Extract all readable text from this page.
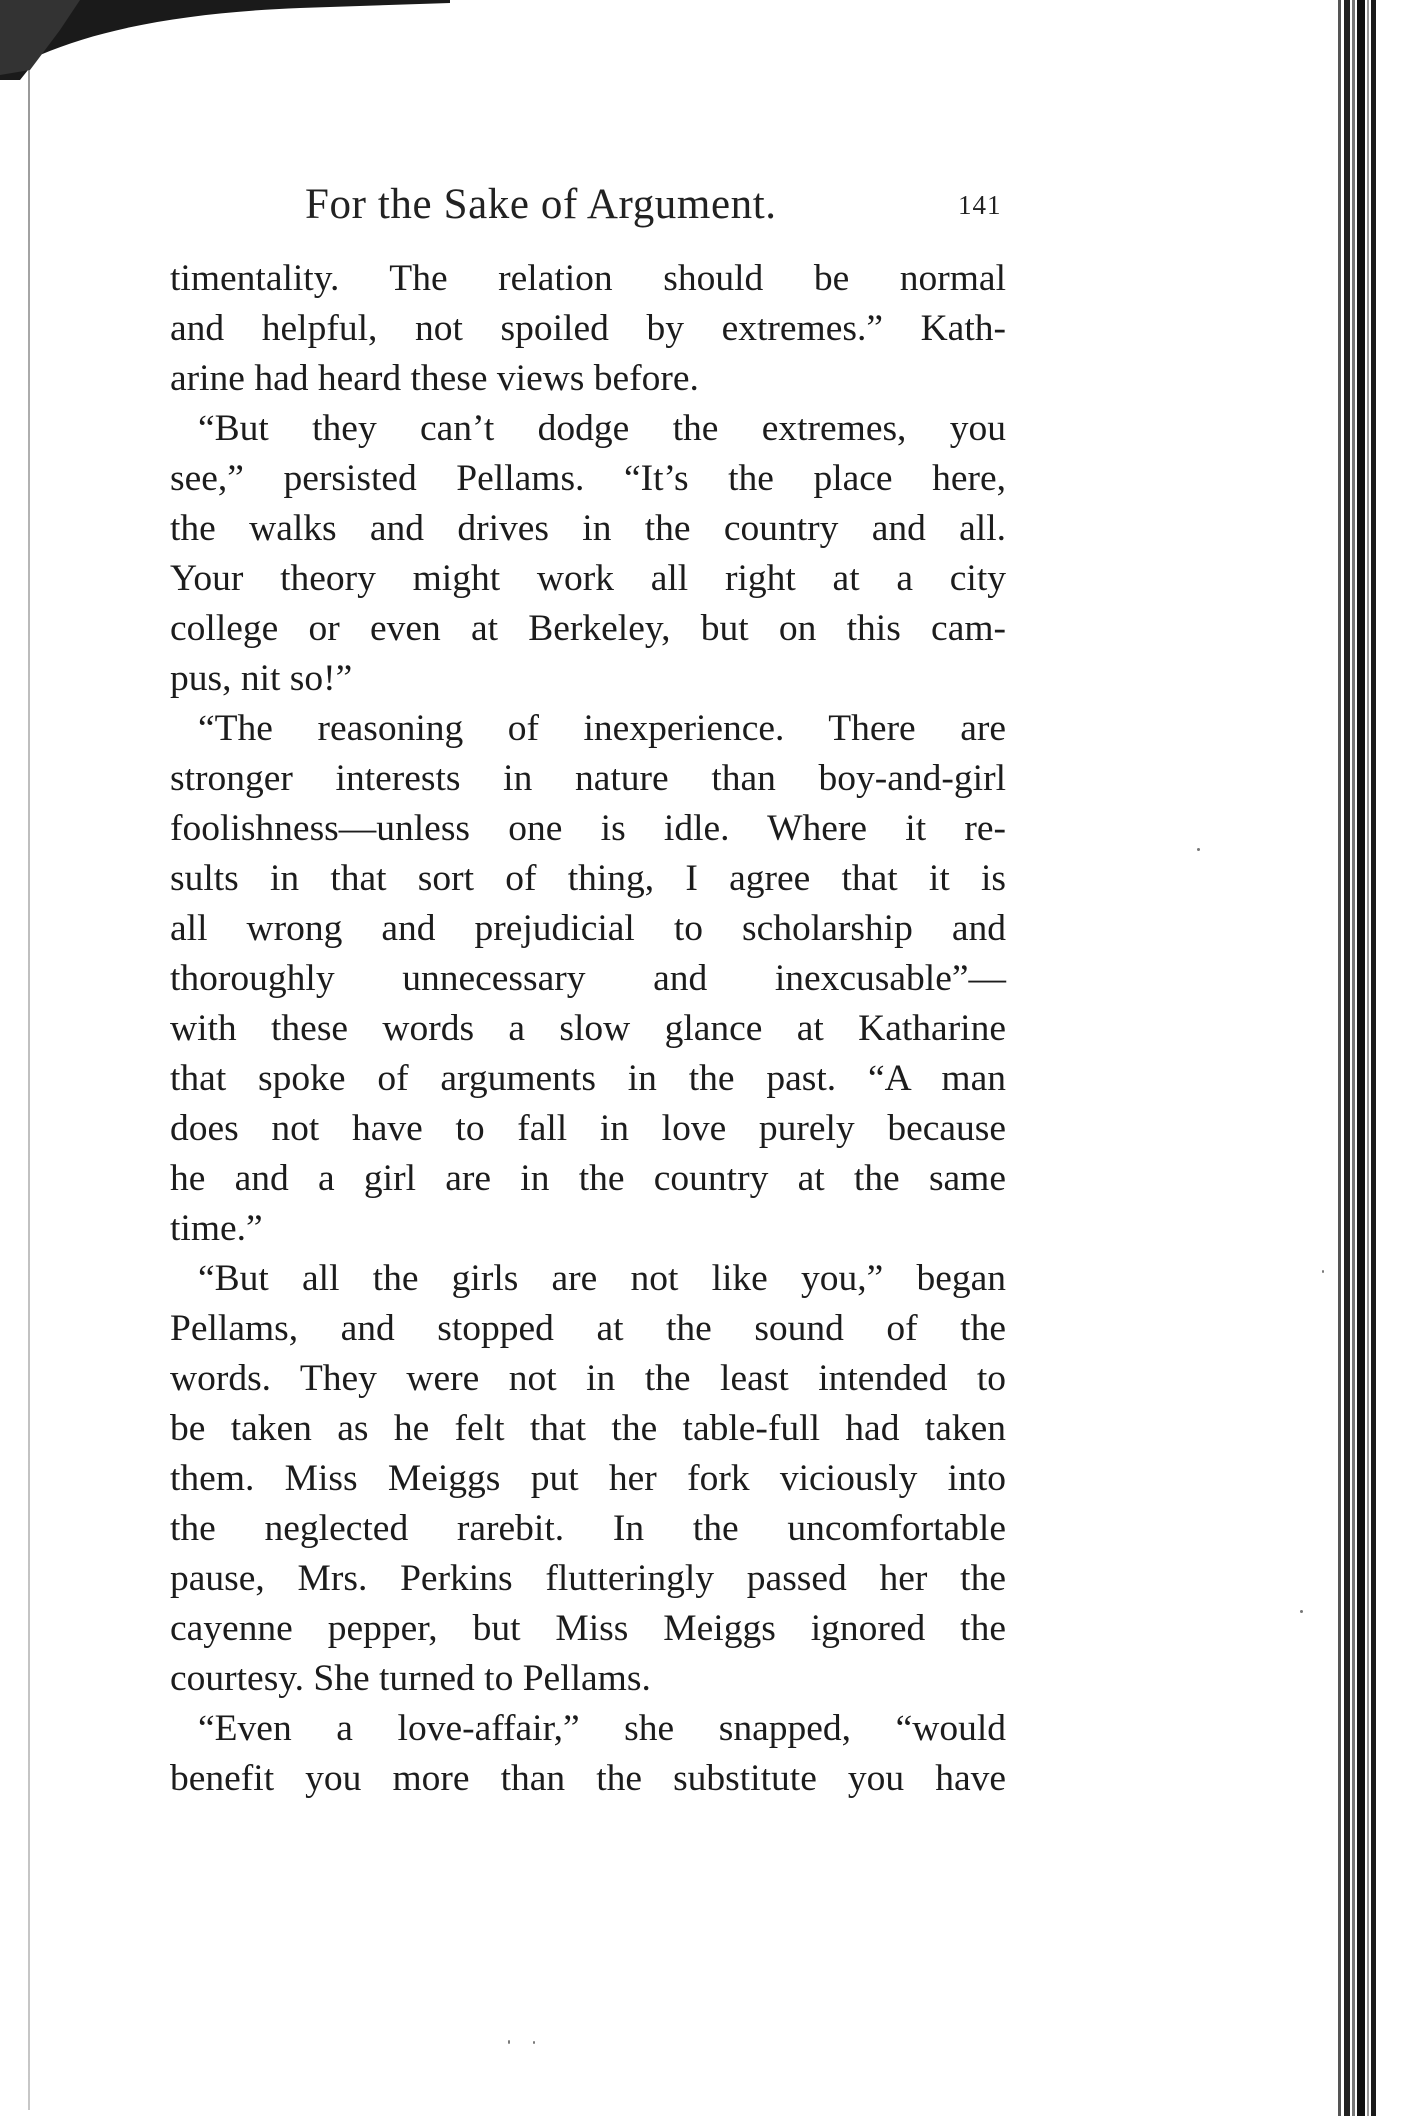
For the Sake of Argument.	141
timentality. The relation should be normal
and helpful, not spoiled by extremes.” Kath-
arine had heard these views before.
“But they can’t dodge the extremes, you
see,” persisted Pellams. “It’s the place here,
the walks and drives in the country and all.
Your theory might work all right at a city
college or even at Berkeley, but on this cam-
pus, nit so!”
“The reasoning of inexperience. There are
stronger interests in nature than boy-and-girl
foolishness—unless one is idle. Where it re-
sults in that sort of thing, I agree that it is
all wrong and prejudicial to scholarship and
thoroughly unnecessary and inexcusable”—
with these words a slow glance at Katharine
that spoke of arguments in the past. “A man
does not have to fall in love purely because
he and a girl are in the country at the same
time.”
“But all the girls are not like you,” began
Pellams, and stopped at the sound of the
words. They were not in the least intended to
be taken as he felt that the table-full had taken
them. Miss Meiggs put her fork viciously into
the neglected rarebit. In the uncomfortable
pause, Mrs. Perkins flutteringly passed her the
cayenne pepper, but Miss Meiggs ignored the
courtesy. She turned to Pellams.
“Even a love-affair,” she snapped, “would
benefit you more than the substitute you have
